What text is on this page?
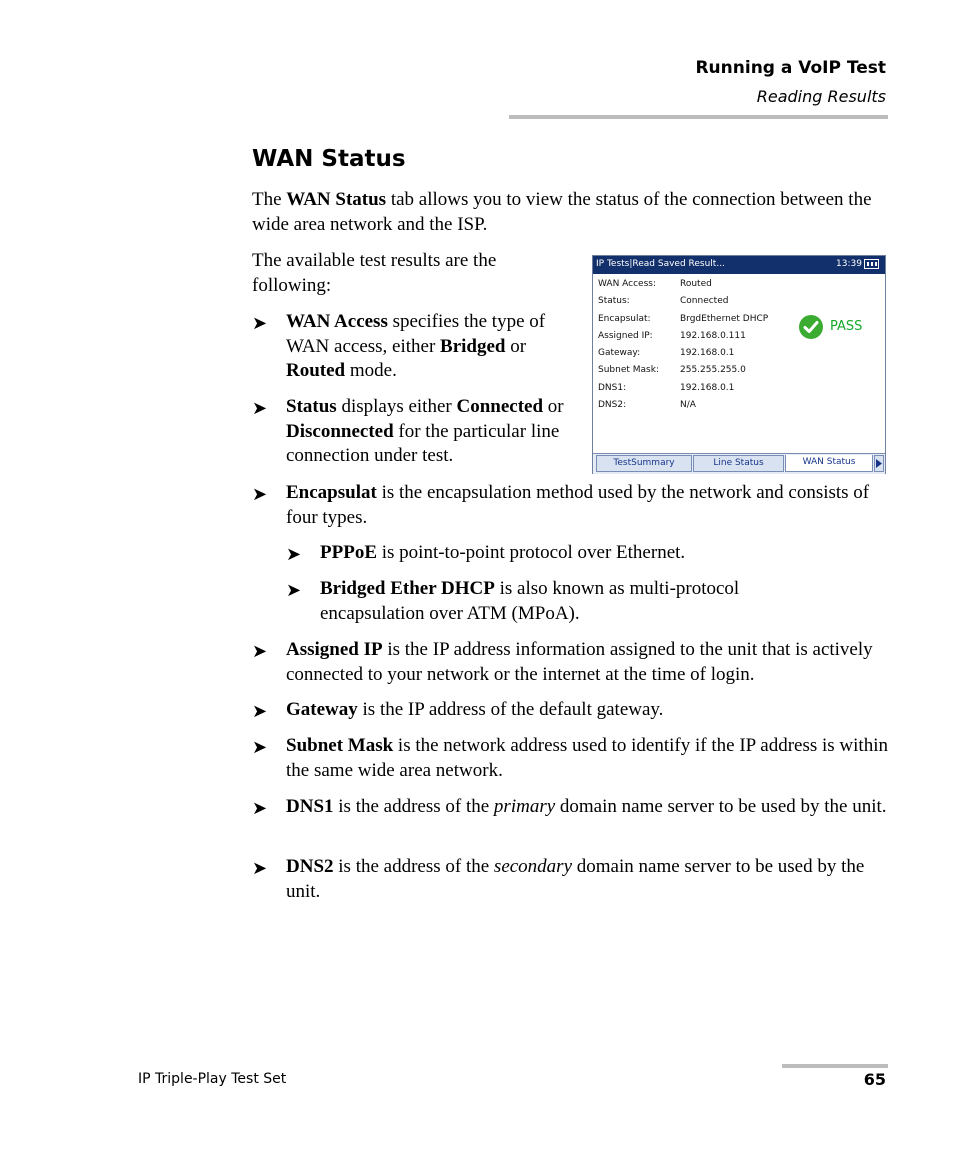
Running a VoIP Test
Reading Results
WAN Status
The WAN Status tab allows you to view the status of the connection between the wide area network and the ISP.
The available test results are the following:
➤ WAN Access specifies the type of WAN access, either Bridged or Routed mode.
➤ Status displays either Connected or Disconnected for the particular line connection under test.
➤ Encapsulat is the encapsulation method used by the network and consists of four types.
➤ PPPoE is point-to-point protocol over Ethernet.
➤ Bridged Ether DHCP is also known as multi-protocol encapsulation over ATM (MPoA).
➤ Assigned IP is the IP address information assigned to the unit that is actively connected to your network or the internet at the time of login.
➤ Gateway is the IP address of the default gateway.
➤ Subnet Mask is the network address used to identify if the IP address is within the same wide area network.
➤ DNS1 is the address of the primary domain name server to be used by the unit.
➤ DNS2 is the address of the secondary domain name server to be used by the unit.
IP Tests|Read Saved Result...	13:39
WAN Access:	Routed
Status:	Connected
Encapsulat:	BrgdEthernet DHCP
Assigned IP:	192.168.0.111
Gateway:	192.168.0.1
Subnet Mask: 255.255.255.0
DNS1:	192.168.0.1
DNS2:	N/A
PASS
TestSummary	Line Status	WAN Status
IP Triple-Play Test Set	65
